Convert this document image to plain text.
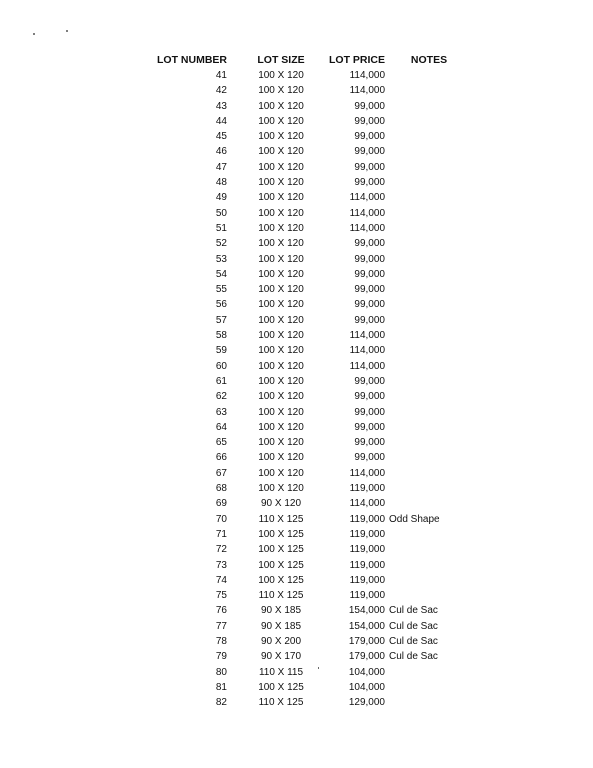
LOT NUMBER	LOT SIZE	LOT PRICE	NOTES
41	100 X 120	114,000	
42	100 X 120	114,000	
43	100 X 120	99,000	
44	100 X 120	99,000	
45	100 X 120	99,000	
46	100 X 120	99,000	
47	100 X 120	99,000	
48	100 X 120	99,000	
49	100 X 120	114,000	
50	100 X 120	114,000	
51	100 X 120	114,000	
52	100 X 120	99,000	
53	100 X 120	99,000	
54	100 X 120	99,000	
55	100 X 120	99,000	
56	100 X 120	99,000	
57	100 X 120	99,000	
58	100 X 120	114,000	
59	100 X 120	114,000	
60	100 X 120	114,000	
61	100 X 120	99,000	
62	100 X 120	99,000	
63	100 X 120	99,000	
64	100 X 120	99,000	
65	100 X 120	99,000	
66	100 X 120	99,000	
67	100 X 120	114,000	
68	100 X 120	119,000	
69	90 X 120	114,000	
70	110 X 125	119,000	Odd Shape
71	100 X 125	119,000	
72	100 X 125	119,000	
73	100 X 125	119,000	
74	100 X 125	119,000	
75	110 X 125	119,000	
76	90 X 185	154,000	Cul de Sac
77	90 X 185	154,000	Cul de Sac
78	90 X 200	179,000	Cul de Sac
79	90 X 170	179,000	Cul de Sac
80	110 X 115	104,000	
81	100 X 125	104,000	
82	110 X 125	129,000	
